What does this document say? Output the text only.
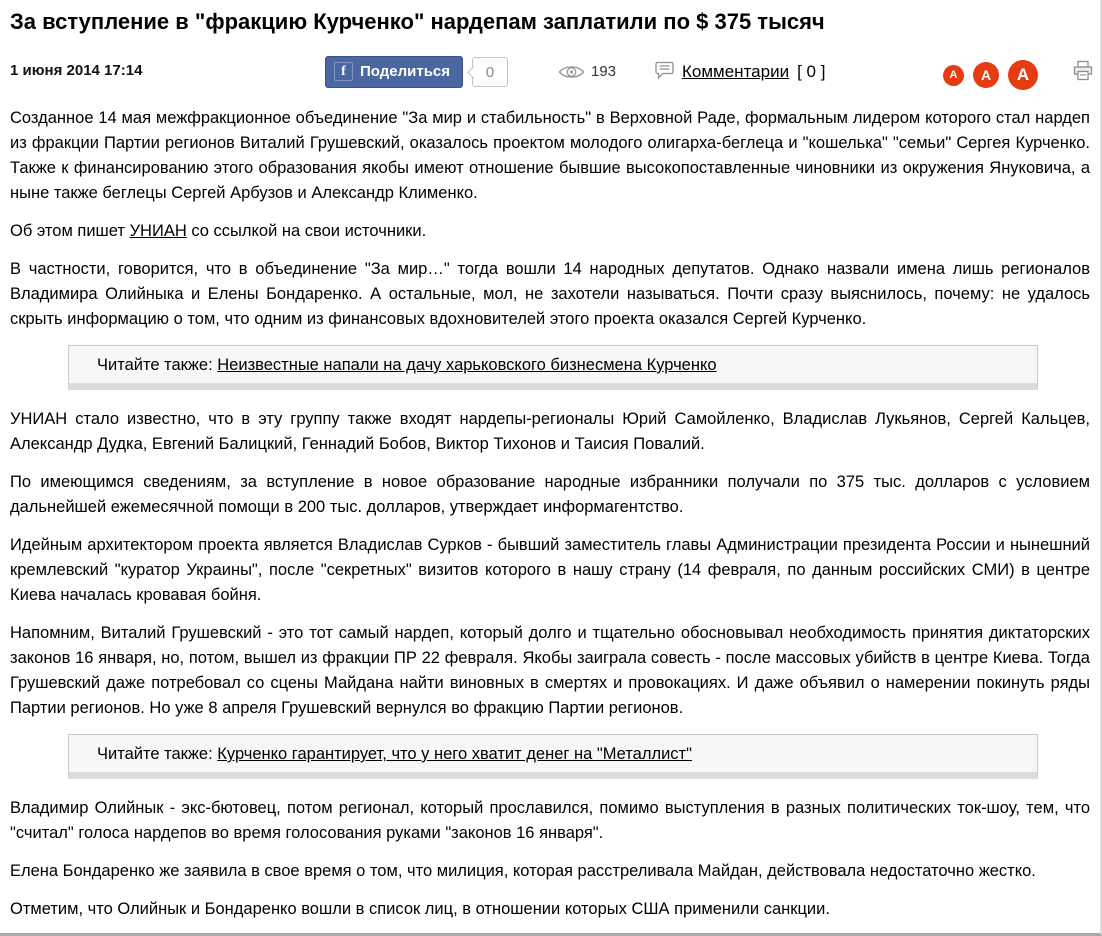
За вступление в "фракцию Курченко" нардепам заплатили по $ 375 тысяч
1 июня 2014 17:14	f Поделиться	0	193	Комментарии [ 0 ]	A	A	A

Созданное 14 мая межфракционное объединение "За мир и стабильность" в Верховной Раде, формальным лидером которого стал нардеп из фракции Партии регионов Виталий Грушевский, оказалось проектом молодого олигарха-беглеца и "кошелька" "семьи" Сергея Курченко. Также к финансированию этого образования якобы имеют отношение бывшие высокопоставленные чиновники из окружения Януковича, а ныне также беглецы Сергей Арбузов и Александр Клименко.

Об этом пишет УНИАН со ссылкой на свои источники.

В частности, говорится, что в объединение "За мир…" тогда вошли 14 народных депутатов. Однако назвали имена лишь регионалов Владимира Олийныка и Елены Бондаренко. А остальные, мол, не захотели называться. Почти сразу выяснилось, почему: не удалось скрыть информацию о том, что одним из финансовых вдохновителей этого проекта оказался Сергей Курченко.

Читайте также: Неизвестные напали на дачу харьковского бизнесмена Курченко

УНИАН стало известно, что в эту группу также входят нардепы-регионалы Юрий Самойленко, Владислав Лукьянов, Сергей Кальцев, Александр Дудка, Евгений Балицкий, Геннадий Бобов, Виктор Тихонов и Таисия Повалий.

По имеющимся сведениям, за вступление в новое образование народные избранники получали по 375 тыс. долларов с условием дальнейшей ежемесячной помощи в 200 тыс. долларов, утверждает информагентство.

Идейным архитектором проекта является Владислав Сурков - бывший заместитель главы Администрации президента России и нынешний кремлевский "куратор Украины", после "секретных" визитов которого в нашу страну (14 февраля, по данным российских СМИ) в центре Киева началась кровавая бойня.

Напомним, Виталий Грушевский - это тот самый нардеп, который долго и тщательно обосновывал необходимость принятия диктаторских законов 16 января, но, потом, вышел из фракции ПР 22 февраля. Якобы заиграла совесть - после массовых убийств в центре Киева. Тогда Грушевский даже потребовал со сцены Майдана найти виновных в смертях и провокациях. И даже объявил о намерении покинуть ряды Партии регионов. Но уже 8 апреля Грушевский вернулся во фракцию Партии регионов.

Читайте также: Курченко гарантирует, что у него хватит денег на "Металлист"

Владимир Олийнык - экс-бютовец, потом регионал, который прославился, помимо выступления в разных политических ток-шоу, тем, что "считал" голоса нардепов во время голосования руками "законов 16 января".

Елена Бондаренко же заявила в свое время о том, что милиция, которая расстреливала Майдан, действовала недостаточно жестко.

Отметим, что Олийнык и Бондаренко вошли в список лиц, в отношении которых США применили санкции.
